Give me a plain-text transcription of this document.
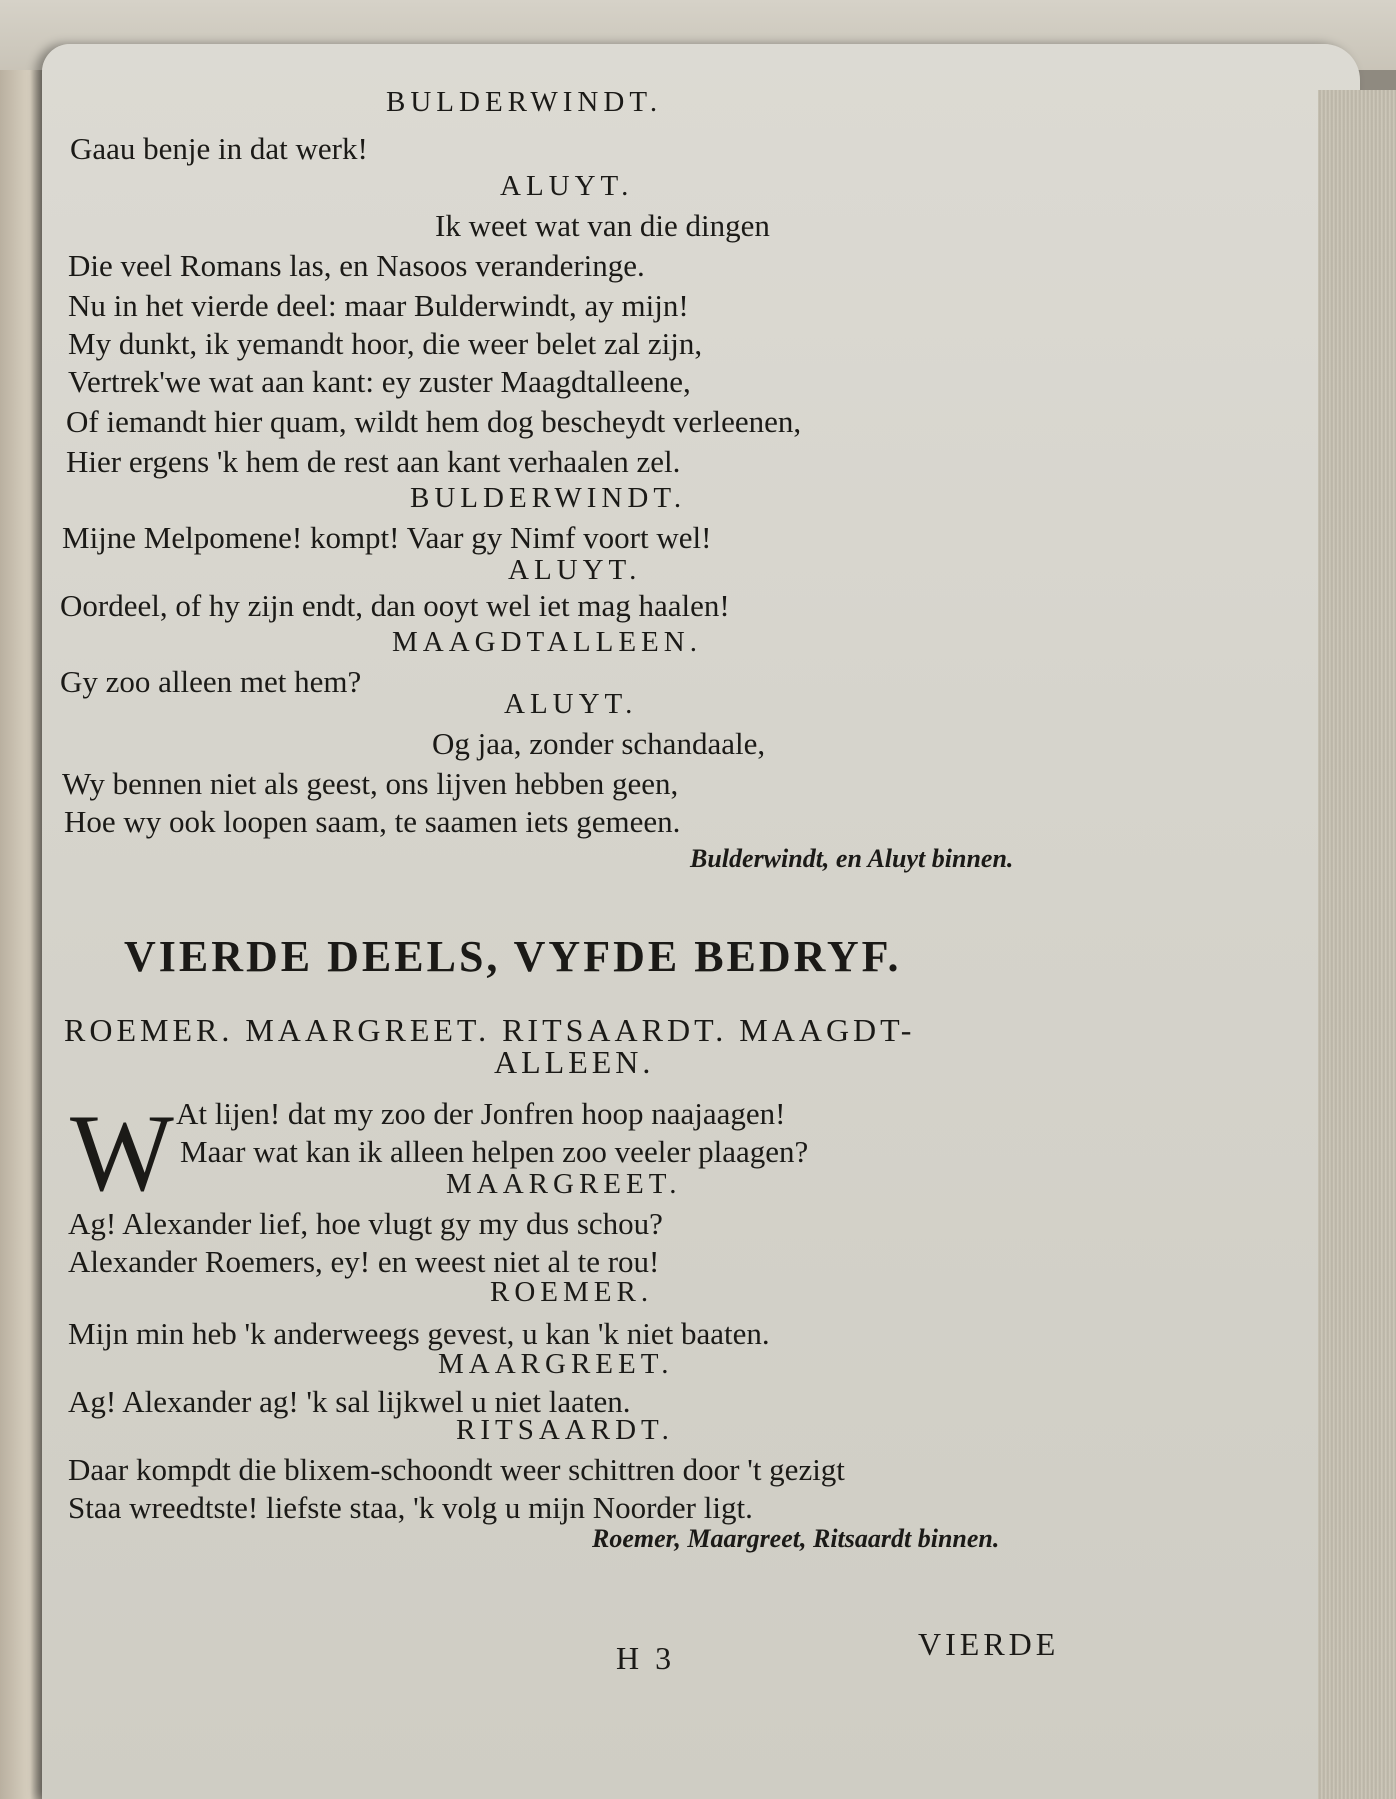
BULDERWINDT.
Gaau benje in dat werk!
ALUYT.
Ik weet wat van die dingen
Die veel Romans las, en Nasoos veranderinge.
Nu in het vierde deel: maar Bulderwindt, ay mijn!
My dunkt, ik yemandt hoor, die weer belet zal zijn,
Vertrek'we wat aan kant: ey zuster Maagdtalleene,
Of iemandt hier quam, wildt hem dog bescheydt verleenen,
Hier ergens 'k hem de rest aan kant verhaalen zel.
BULDERWINDT.
Mijne Melpomene! kompt! Vaar gy Nimf voort wel!
ALUYT.
Oordeel, of hy zijn endt, dan ooyt wel iet mag haalen!
MAAGDTALLEEN.
Gy zoo alleen met hem?
ALUYT.
Og jaa, zonder schandaale,
Wy bennen niet als geest, ons lijven hebben geen,
Hoe wy ook loopen saam, te saamen iets gemeen.
Bulderwindt, en Aluyt binnen.
VIERDE DEELS, VYFDE BEDRYF.
ROEMER. MAARGREET. RITSAARDT. MAAGDT-
ALLEEN.
W At lijen! dat my zoo der Jonfren hoop naajaagen!
Maar wat kan ik alleen helpen zoo veeler plaagen?
MAARGREET.
Ag! Alexander lief, hoe vlugt gy my dus schou?
Alexander Roemers, ey! en weest niet al te rou!
ROEMER.
Mijn min heb 'k anderweegs gevest, u kan 'k niet baaten.
MAARGREET.
Ag! Alexander ag! 'k sal lijkwel u niet laaten.
RITSAARDT.
Daar kompdt die blixem-schoondt weer schittren door 't gezigt
Staa wreedtste! liefste staa, 'k volg u mijn Noorder ligt.
Roemer, Maargreet, Ritsaardt binnen.
H 3	VIERDE
